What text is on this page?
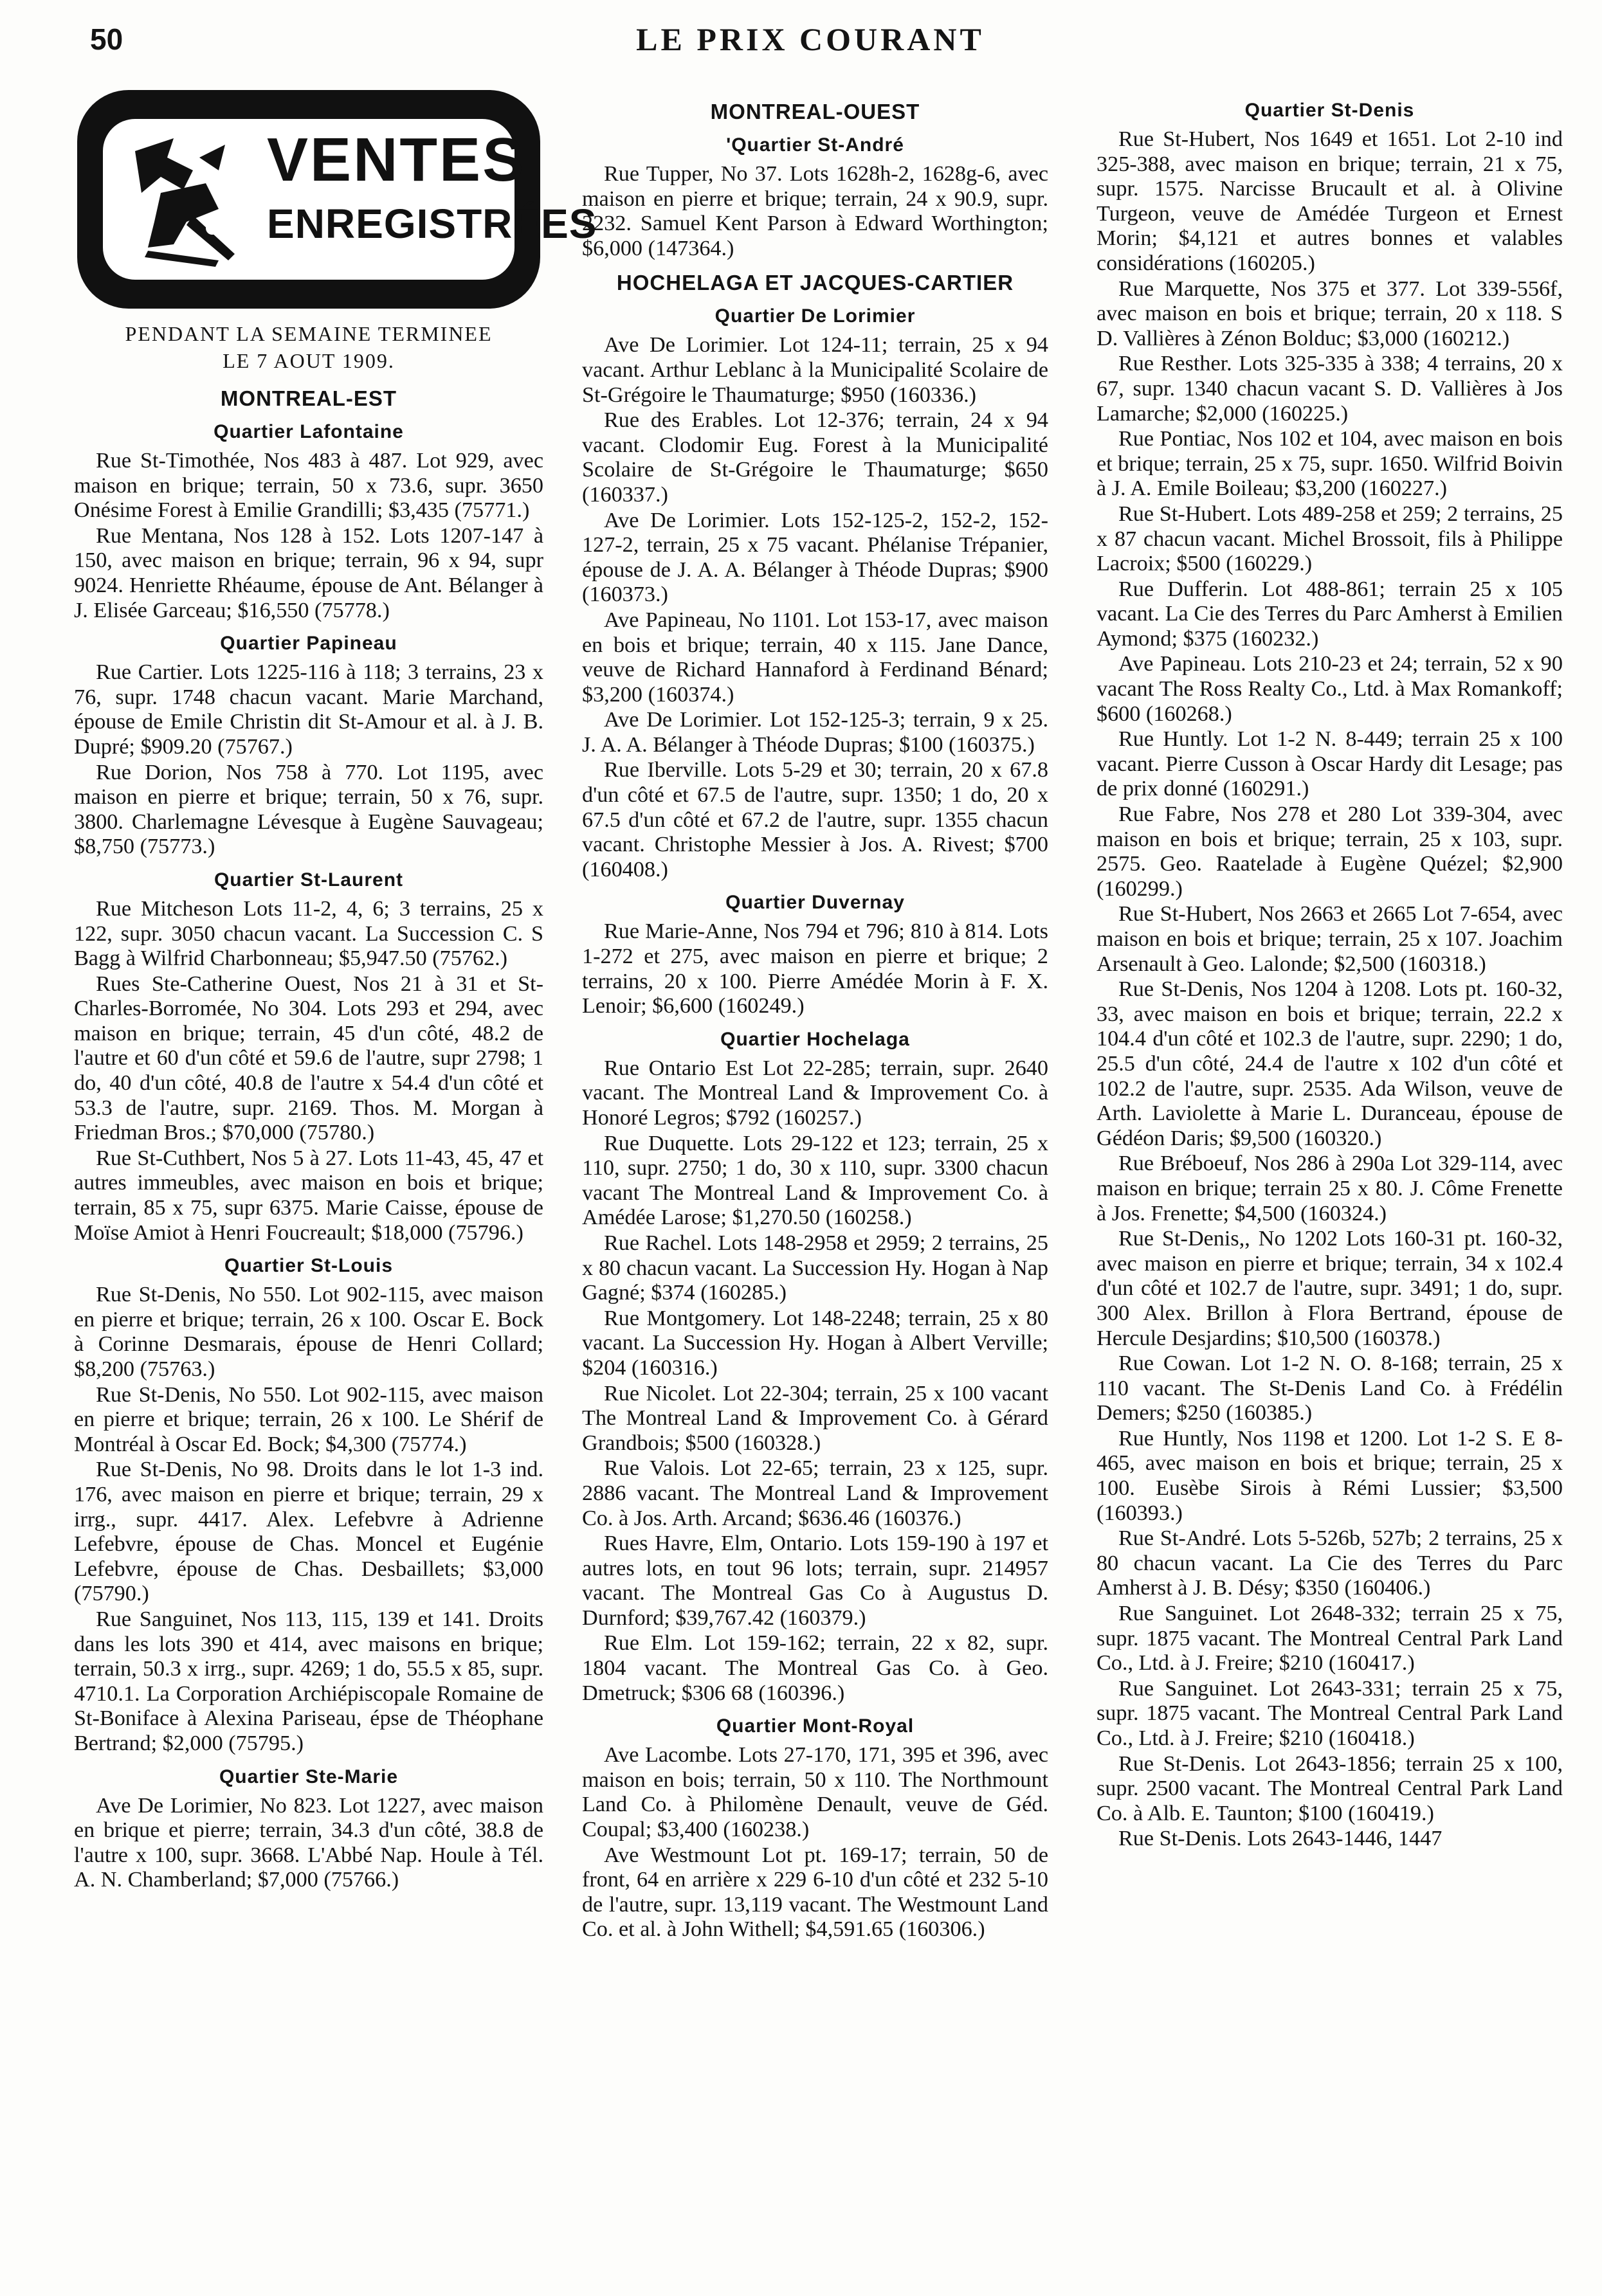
50	LE PRIX COURANT
VENTES
ENREGISTRÉES
PENDANT LA SEMAINE TERMINEE
LE 7 AOUT 1909.
MONTREAL-EST
Quartier Lafontaine
Rue St-Timothée, Nos 483 à 487. Lot 929, avec maison en brique; terrain, 50 x 73.6, supr. 3650 Onésime Forest à Emilie Grandilli; $3,435 (75771.)
Rue Mentana, Nos 128 à 152. Lots 1207-147 à 150, avec maison en brique; terrain, 96 x 94, supr 9024. Henriette Rhéaume, épouse de Ant. Bélanger à J. Elisée Garceau; $16,550 (75778.)
Quartier Papineau
Rue Cartier. Lots 1225-116 à 118; 3 terrains, 23 x 76, supr. 1748 chacun vacant. Marie Marchand, épouse de Emile Christin dit St-Amour et al. à J. B. Dupré; $909.20 (75767.)
Rue Dorion, Nos 758 à 770. Lot 1195, avec maison en pierre et brique; terrain, 50 x 76, supr. 3800. Charlemagne Lévesque à Eugène Sauvageau; $8,750 (75773.)
Quartier St-Laurent
Rue Mitcheson Lots 11-2, 4, 6; 3 terrains, 25 x 122, supr. 3050 chacun vacant. La Succession C. S Bagg à Wilfrid Charbonneau; $5,947.50 (75762.)
Rues Ste-Catherine Ouest, Nos 21 à 31 et St-Charles-Borromée, No 304. Lots 293 et 294, avec maison en brique; terrain, 45 d'un côté, 48.2 de l'autre et 60 d'un côté et 59.6 de l'autre, supr 2798; 1 do, 40 d'un côté, 40.8 de l'autre x 54.4 d'un côté et 53.3 de l'autre, supr. 2169. Thos. M. Morgan à Friedman Bros.; $70,000 (75780.)
Rue St-Cuthbert, Nos 5 à 27. Lots 11-43, 45, 47 et autres immeubles, avec maison en bois et brique; terrain, 85 x 75, supr 6375. Marie Caisse, épouse de Moïse Amiot à Henri Foucreault; $18,000 (75796.)
Quartier St-Louis
Rue St-Denis, No 550. Lot 902-115, avec maison en pierre et brique; terrain, 26 x 100. Oscar E. Bock à Corinne Desmarais, épouse de Henri Collard; $8,200 (75763.)
Rue St-Denis, No 550. Lot 902-115, avec maison en pierre et brique; terrain, 26 x 100. Le Shérif de Montréal à Oscar Ed. Bock; $4,300 (75774.)
Rue St-Denis, No 98. Droits dans le lot 1-3 ind. 176, avec maison en pierre et brique; terrain, 29 x irrg., supr. 4417. Alex. Lefebvre à Adrienne Lefebvre, épouse de Chas. Moncel et Eugénie Lefebvre, épouse de Chas. Desbaillets; $3,000 (75790.)
Rue Sanguinet, Nos 113, 115, 139 et 141. Droits dans les lots 390 et 414, avec maisons en brique; terrain, 50.3 x irrg., supr. 4269; 1 do, 55.5 x 85, supr. 4710.1. La Corporation Archiépiscopale Romaine de St-Boniface à Alexina Pariseau, épse de Théophane Bertrand; $2,000 (75795.)
Quartier Ste-Marie
Ave De Lorimier, No 823. Lot 1227, avec maison en brique et pierre; terrain, 34.3 d'un côté, 38.8 de l'autre x 100, supr. 3668. L'Abbé Nap. Houle à Tél. A. N. Chamberland; $7,000 (75766.)
MONTREAL-OUEST
'Quartier St-André
Rue Tupper, No 37. Lots 1628h-2, 1628g-6, avec maison en pierre et brique; terrain, 24 x 90.9, supr. 2232. Samuel Kent Parson à Edward Worthington; $6,000 (147364.)
HOCHELAGA ET JACQUES-CARTIER
Quartier De Lorimier
Ave De Lorimier. Lot 124-11; terrain, 25 x 94 vacant. Arthur Leblanc à la Municipalité Scolaire de St-Grégoire le Thaumaturge; $950 (160336.)
Rue des Erables. Lot 12-376; terrain, 24 x 94 vacant. Clodomir Eug. Forest à la Municipalité Scolaire de St-Grégoire le Thaumaturge; $650 (160337.)
Ave De Lorimier. Lots 152-125-2, 152-2, 152-127-2, terrain, 25 x 75 vacant. Phélanise Trépanier, épouse de J. A. A. Bélanger à Théode Dupras; $900 (160373.)
Ave Papineau, No 1101. Lot 153-17, avec maison en bois et brique; terrain, 40 x 115. Jane Dance, veuve de Richard Hannaford à Ferdinand Bénard; $3,200 (160374.)
Ave De Lorimier. Lot 152-125-3; terrain, 9 x 25. J. A. A. Bélanger à Théode Dupras; $100 (160375.)
Rue Iberville. Lots 5-29 et 30; terrain, 20 x 67.8 d'un côté et 67.5 de l'autre, supr. 1350; 1 do, 20 x 67.5 d'un côté et 67.2 de l'autre, supr. 1355 chacun vacant. Christophe Messier à Jos. A. Rivest; $700 (160408.)
Quartier Duvernay
Rue Marie-Anne, Nos 794 et 796; 810 à 814. Lots 1-272 et 275, avec maison en pierre et brique; 2 terrains, 20 x 100. Pierre Amédée Morin à F. X. Lenoir; $6,600 (160249.)
Quartier Hochelaga
Rue Ontario Est Lot 22-285; terrain, supr. 2640 vacant. The Montreal Land & Improvement Co. à Honoré Legros; $792 (160257.)
Rue Duquette. Lots 29-122 et 123; terrain, 25 x 110, supr. 2750; 1 do, 30 x 110, supr. 3300 chacun vacant The Montreal Land & Improvement Co. à Amédée Larose; $1,270.50 (160258.)
Rue Rachel. Lots 148-2958 et 2959; 2 terrains, 25 x 80 chacun vacant. La Succession Hy. Hogan à Nap Gagné; $374 (160285.)
Rue Montgomery. Lot 148-2248; terrain, 25 x 80 vacant. La Succession Hy. Hogan à Albert Verville; $204 (160316.)
Rue Nicolet. Lot 22-304; terrain, 25 x 100 vacant The Montreal Land & Improvement Co. à Gérard Grandbois; $500 (160328.)
Rue Valois. Lot 22-65; terrain, 23 x 125, supr. 2886 vacant. The Montreal Land & Improvement Co. à Jos. Arth. Arcand; $636.46 (160376.)
Rues Havre, Elm, Ontario. Lots 159-190 à 197 et autres lots, en tout 96 lots; terrain, supr. 214957 vacant. The Montreal Gas Co à Augustus D. Durnford; $39,767.42 (160379.)
Rue Elm. Lot 159-162; terrain, 22 x 82, supr. 1804 vacant. The Montreal Gas Co. à Geo. Dmetruck; $306 68 (160396.)
Quartier Mont-Royal
Ave Lacombe. Lots 27-170, 171, 395 et 396, avec maison en bois; terrain, 50 x 110. The Northmount Land Co. à Philomène Denault, veuve de Géd. Coupal; $3,400 (160238.)
Ave Westmount Lot pt. 169-17; terrain, 50 de front, 64 en arrière x 229 6-10 d'un côté et 232 5-10 de l'autre, supr. 13,119 vacant. The Westmount Land Co. et al. à John Withell; $4,591.65 (160306.)
Quartier St-Denis
Rue St-Hubert, Nos 1649 et 1651. Lot 2-10 ind 325-388, avec maison en brique; terrain, 21 x 75, supr. 1575. Narcisse Brucault et al. à Olivine Turgeon, veuve de Amédée Turgeon et Ernest Morin; $4,121 et autres bonnes et valables considérations (160205.)
Rue Marquette, Nos 375 et 377. Lot 339-556f, avec maison en bois et brique; terrain, 20 x 118. S D. Vallières à Zénon Bolduc; $3,000 (160212.)
Rue Resther. Lots 325-335 à 338; 4 terrains, 20 x 67, supr. 1340 chacun vacant S. D. Vallières à Jos Lamarche; $2,000 (160225.)
Rue Pontiac, Nos 102 et 104, avec maison en bois et brique; terrain, 25 x 75, supr. 1650. Wilfrid Boivin à J. A. Emile Boileau; $3,200 (160227.)
Rue St-Hubert. Lots 489-258 et 259; 2 terrains, 25 x 87 chacun vacant. Michel Brossoit, fils à Philippe Lacroix; $500 (160229.)
Rue Dufferin. Lot 488-861; terrain 25 x 105 vacant. La Cie des Terres du Parc Amherst à Emilien Aymond; $375 (160232.)
Ave Papineau. Lots 210-23 et 24; terrain, 52 x 90 vacant The Ross Realty Co., Ltd. à Max Romankoff; $600 (160268.)
Rue Huntly. Lot 1-2 N. 8-449; terrain 25 x 100 vacant. Pierre Cusson à Oscar Hardy dit Lesage; pas de prix donné (160291.)
Rue Fabre, Nos 278 et 280 Lot 339-304, avec maison en bois et brique; terrain, 25 x 103, supr. 2575. Geo. Raatelade à Eugène Quézel; $2,900 (160299.)
Rue St-Hubert, Nos 2663 et 2665 Lot 7-654, avec maison en bois et brique; terrain, 25 x 107. Joachim Arsenault à Geo. Lalonde; $2,500 (160318.)
Rue St-Denis, Nos 1204 à 1208. Lots pt. 160-32, 33, avec maison en bois et brique; terrain, 22.2 x 104.4 d'un côté et 102.3 de l'autre, supr. 2290; 1 do, 25.5 d'un côté, 24.4 de l'autre x 102 d'un côté et 102.2 de l'autre, supr. 2535. Ada Wilson, veuve de Arth. Laviolette à Marie L. Duranceau, épouse de Gédéon Daris; $9,500 (160320.)
Rue Bréboeuf, Nos 286 à 290a Lot 329-114, avec maison en brique; terrain 25 x 80. J. Côme Frenette à Jos. Frenette; $4,500 (160324.)
Rue St-Denis,, No 1202 Lots 160-31 pt. 160-32, avec maison en pierre et brique; terrain, 34 x 102.4 d'un côté et 102.7 de l'autre, supr. 3491; 1 do, supr. 300 Alex. Brillon à Flora Bertrand, épouse de Hercule Desjardins; $10,500 (160378.)
Rue Cowan. Lot 1-2 N. O. 8-168; terrain, 25 x 110 vacant. The St-Denis Land Co. à Frédélin Demers; $250 (160385.)
Rue Huntly, Nos 1198 et 1200. Lot 1-2 S. E 8-465, avec maison en bois et brique; terrain, 25 x 100. Eusèbe Sirois à Rémi Lussier; $3,500 (160393.)
Rue St-André. Lots 5-526b, 527b; 2 terrains, 25 x 80 chacun vacant. La Cie des Terres du Parc Amherst à J. B. Désy; $350 (160406.)
Rue Sanguinet. Lot 2648-332; terrain 25 x 75, supr. 1875 vacant. The Montreal Central Park Land Co., Ltd. à J. Freire; $210 (160417.)
Rue Sanguinet. Lot 2643-331; terrain 25 x 75, supr. 1875 vacant. The Montreal Central Park Land Co., Ltd. à J. Freire; $210 (160418.)
Rue St-Denis. Lot 2643-1856; terrain 25 x 100, supr. 2500 vacant. The Montreal Central Park Land Co. à Alb. E. Taunton; $100 (160419.)
Rue St-Denis. Lots 2643-1446, 1447
